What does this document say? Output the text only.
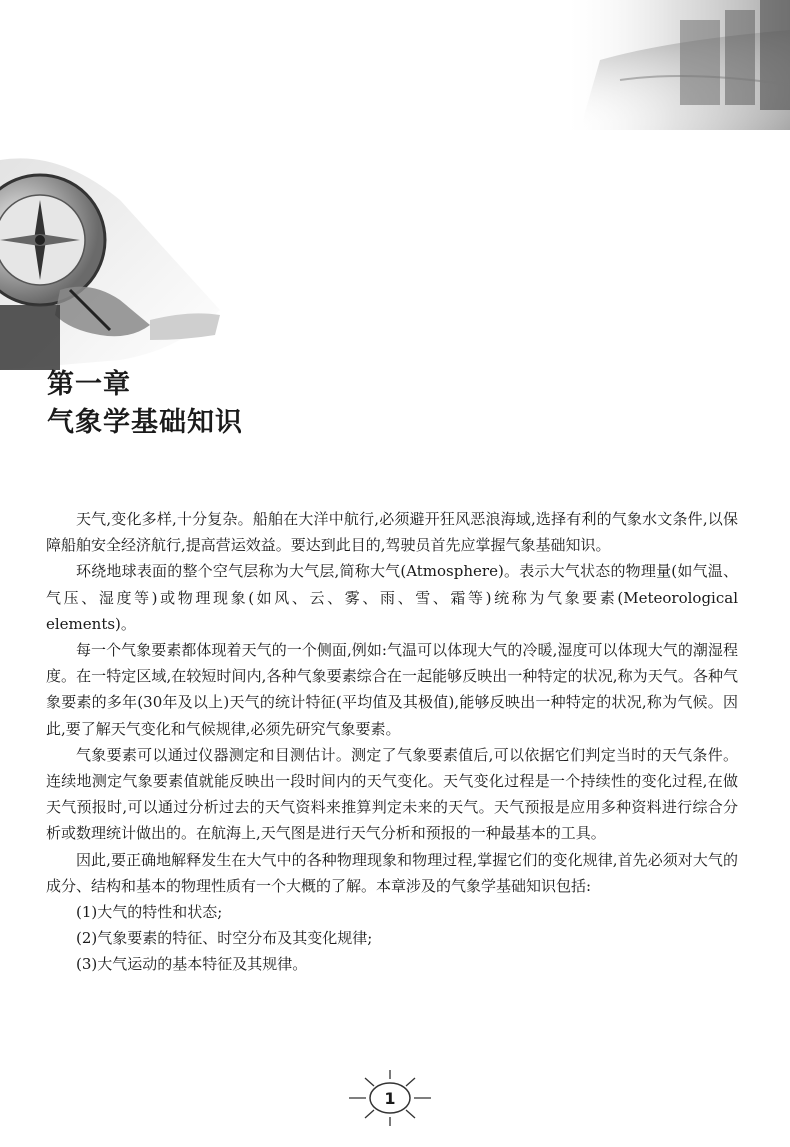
第一章
气象学基础知识

天气,变化多样,十分复杂。船舶在大洋中航行,必须避开狂风恶浪海域,选择有利的气象水文条件,以保障船舶安全经济航行,提高营运效益。要达到此目的,驾驶员首先应掌握气象基础知识。

环绕地球表面的整个空气层称为大气层,简称大气(Atmosphere)。表示大气状态的物理量(如气温、气压、湿度等)或物理现象(如风、云、雾、雨、雪、霜等)统称为气象要素(Meteorological elements)。

每一个气象要素都体现着天气的一个侧面,例如:气温可以体现大气的冷暖,湿度可以体现大气的潮湿程度。在一特定区域,在较短时间内,各种气象要素综合在一起能够反映出一种特定的状况,称为天气。各种气象要素的多年(30年及以上)天气的统计特征(平均值及其极值),能够反映出一种特定的状况,称为气候。因此,要了解天气变化和气候规律,必须先研究气象要素。

气象要素可以通过仪器测定和目测估计。测定了气象要素值后,可以依据它们判定当时的天气条件。连续地测定气象要素值就能反映出一段时间内的天气变化。天气变化过程是一个持续性的变化过程,在做天气预报时,可以通过分析过去的天气资料来推算判定未来的天气。天气预报是应用多种资料进行综合分析或数理统计做出的。在航海上,天气图是进行天气分析和预报的一种最基本的工具。

因此,要正确地解释发生在大气中的各种物理现象和物理过程,掌握它们的变化规律,首先必须对大气的成分、结构和基本的物理性质有一个大概的了解。本章涉及的气象学基础知识包括:

(1)大气的特性和状态;

(2)气象要素的特征、时空分布及其变化规律;

(3)大气运动的基本特征及其规律。

1
